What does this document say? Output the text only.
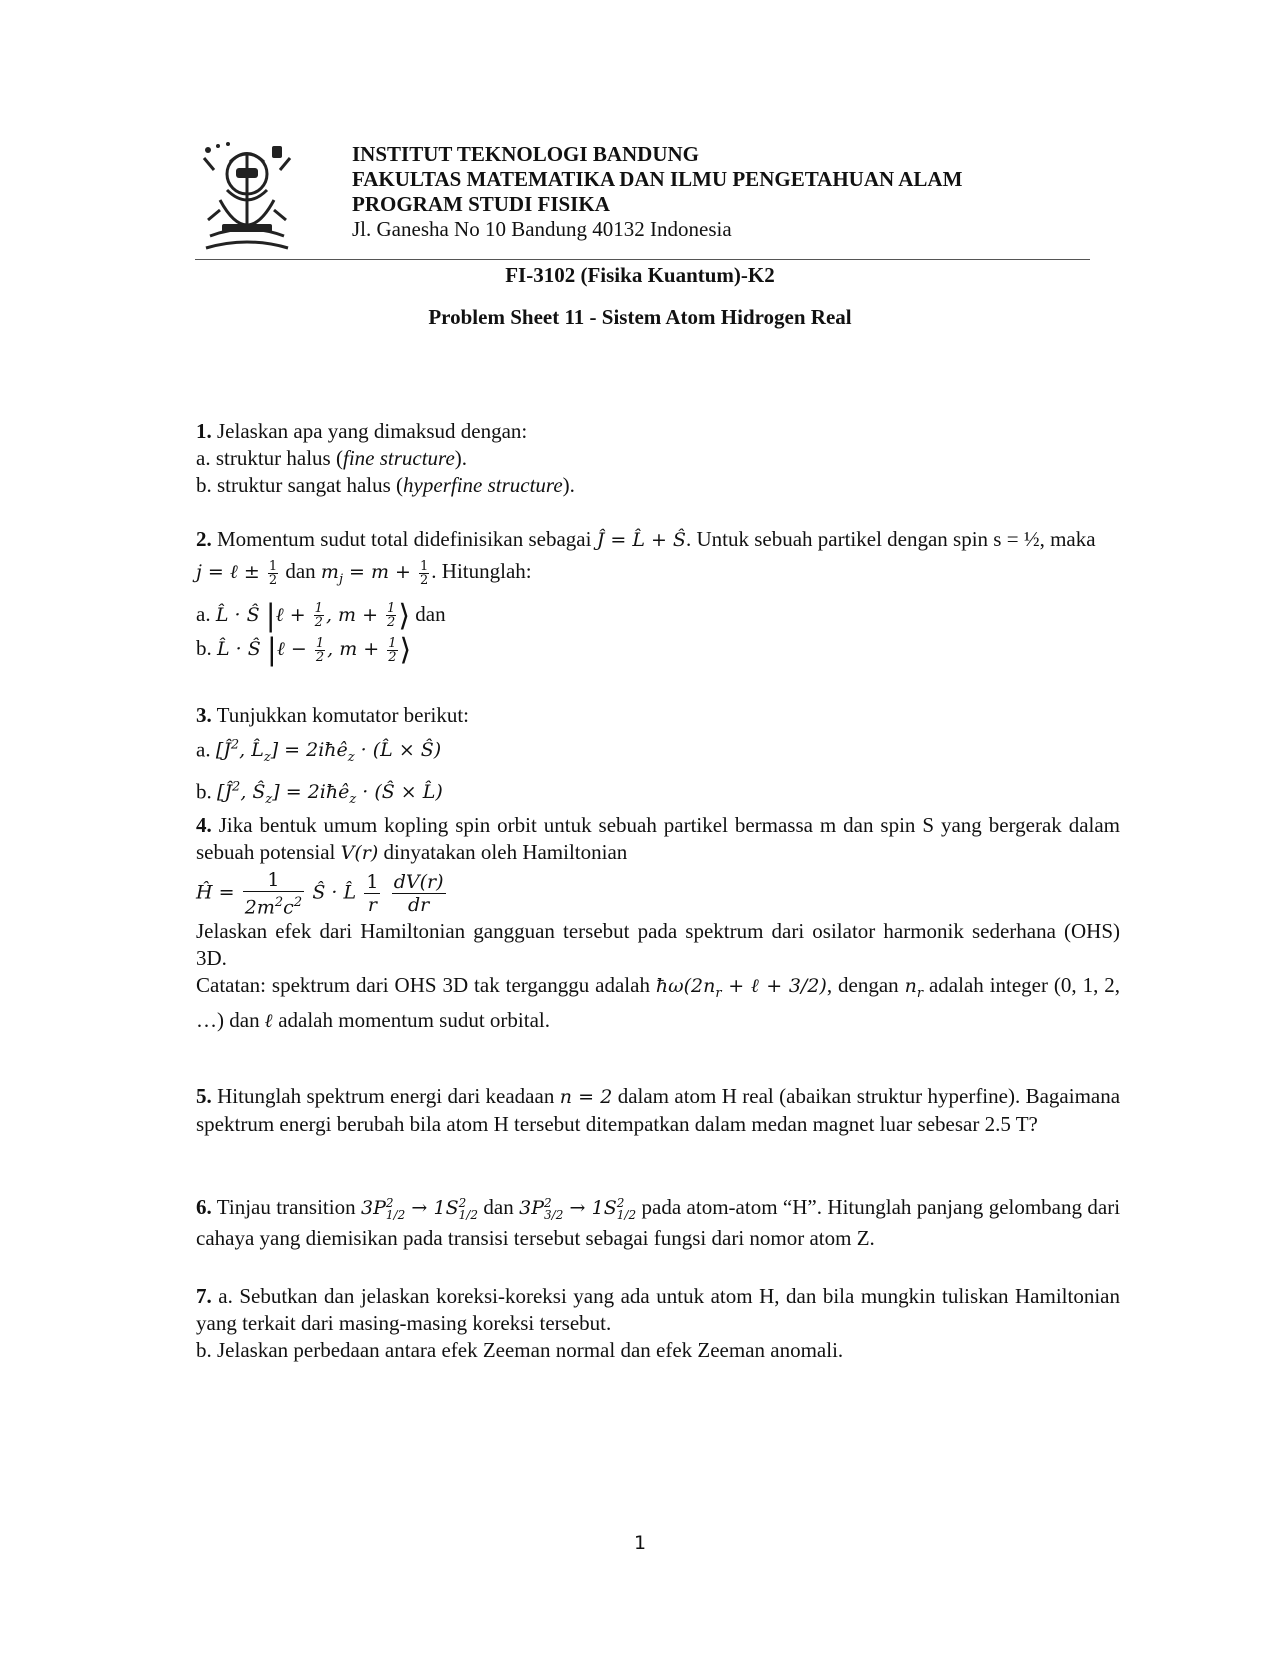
INSTITUT TEKNOLOGI BANDUNG
FAKULTAS MATEMATIKA DAN ILMU PENGETAHUAN ALAM
PROGRAM STUDI FISIKA
Jl. Ganesha No 10 Bandung 40132 Indonesia
FI-3102 (Fisika Kuantum)-K2
Problem Sheet 11 - Sistem Atom Hidrogen Real
1. Jelaskan apa yang dimaksud dengan:
a. struktur halus (fine structure).
b. struktur sangat halus (hyperfine structure).
2. Momentum sudut total didefinisikan sebagai Ĵ = L̂ + Ŝ. Untuk sebuah partikel dengan spin s = ½, maka
j = ℓ ± $\frac{1}{2}$ dan $m_j = m + \frac{1}{2}$ . Hitunglah:
a. L̂ · Ŝ |ℓ + $\frac{1}{2}$ , $m + \frac{1}{2}$ ⟩ dan
b. L̂ · Ŝ |ℓ − $\frac{1}{2}$ , $m + \frac{1}{2}$ ⟩
3. Tunjukkan komutator berikut:
a. [$Ĵ^2$, $L̂_z$] = 2iħê$_z$ · (L̂ × Ŝ)
b. [$Ĵ^2$, $Ŝ_z$] = 2iħê$_z$ · (Ŝ × L̂)
4. Jika bentuk umum kopling spin orbit untuk sebuah partikel bermassa m dan spin S yang bergerak dalam sebuah potensial V(r) dinyatakan oleh Hamiltonian
Ĥ = $\frac{1}{2m^2c^2}$ Ŝ · L̂ $\frac{1}{r}$
$\frac{dV(r)}{dr}$
Jelaskan efek dari Hamiltonian gangguan tersebut pada spektrum dari osilator harmonik sederhana (OHS) 3D.
Catatan: spektrum dari OHS 3D tak terganggu adalah $ħ\omega(2n_r$ + ℓ + 3/2), dengan $n_r$ adalah integer (0, 1, 2, …) dan ℓ adalah momentum sudut orbital.
5. Hitunglah spektrum energi dari keadaan n = 2 dalam atom H real (abaikan struktur hyperfine). Bagaimana spektrum energi berubah bila atom H tersebut ditempatkan dalam medan magnet luar sebesar 2.5 T?
6. Tinjau transition 3P 2
1/2 → 1S 2
1/2 dan 3P 2
3/2 → 1S 2
1/2 pada atom-atom “H”. Hitunglah panjang gelombang dari cahaya yang diemisikan pada transisi tersebut sebagai fungsi dari nomor atom Z.
7. a. Sebutkan dan jelaskan koreksi-koreksi yang ada untuk atom H, dan bila mungkin tuliskan Hamiltonian yang terkait dari masing-masing koreksi tersebut.
b. Jelaskan perbedaan antara efek Zeeman normal dan efek Zeeman anomali.
1
